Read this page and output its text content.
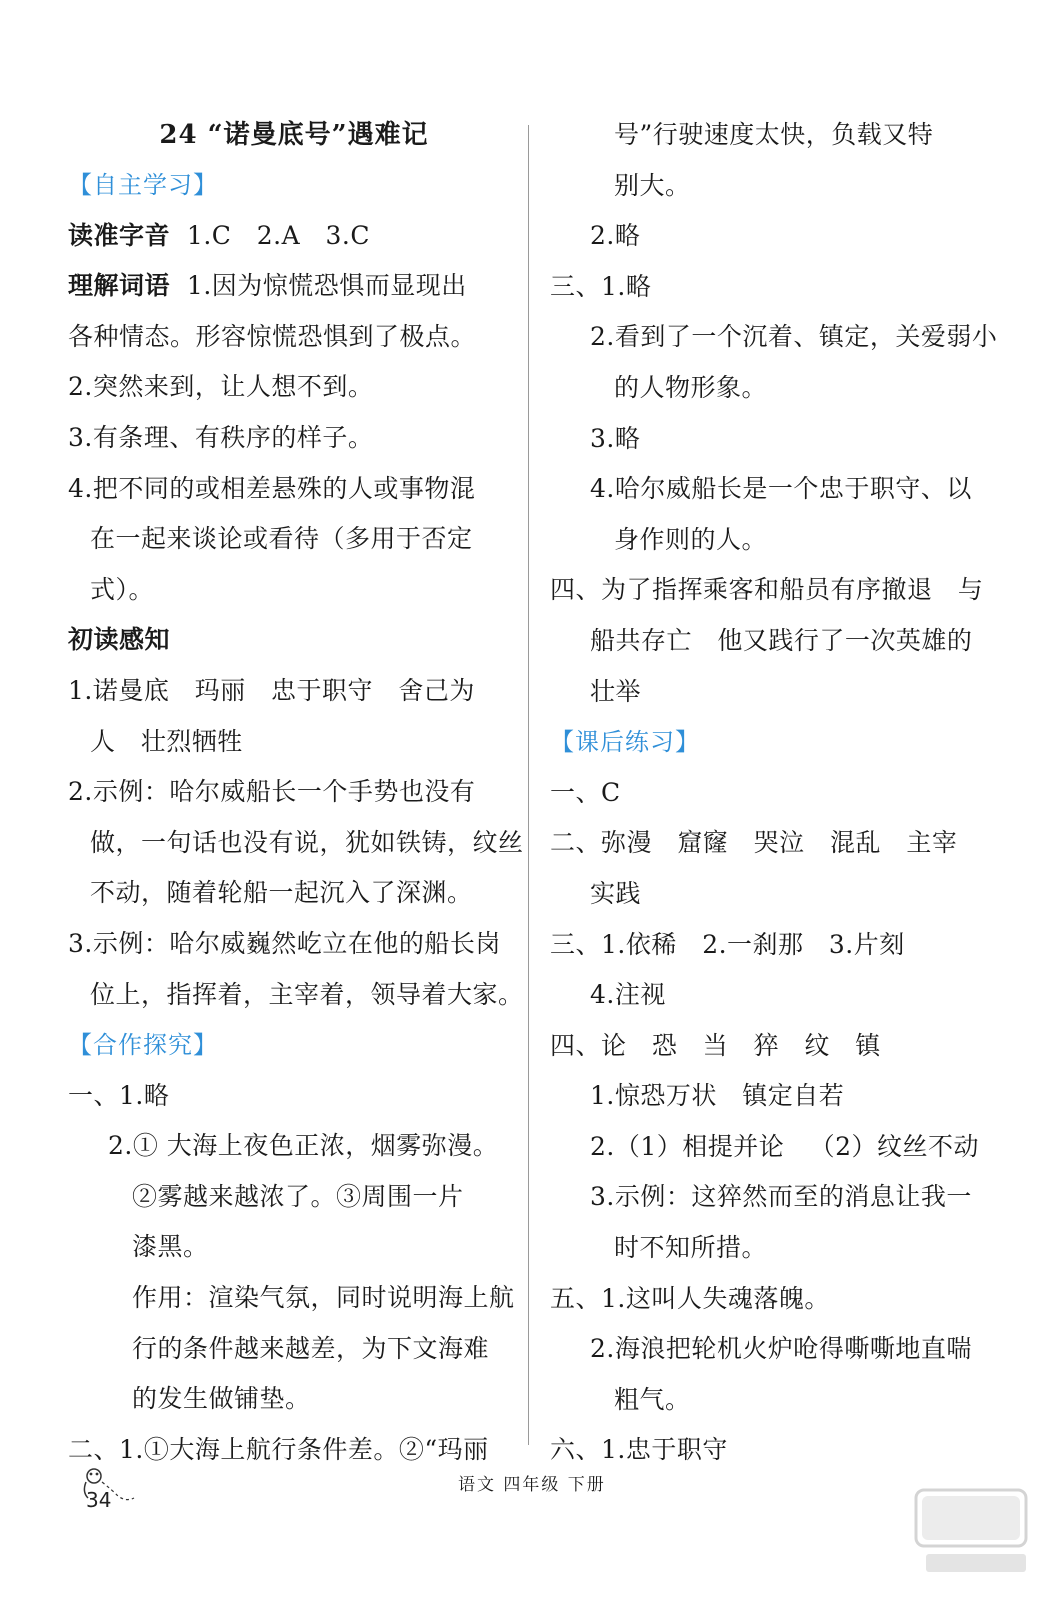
24 “诺曼底号”遇难记
【自主学习】
读准字音  1.C   2.A   3.C
理解词语  1.因为惊慌恐惧而显现出
各种情态。形容惊慌恐惧到了极点。
2.突然来到，让人想不到。
3.有条理、有秩序的样子。
4.把不同的或相差悬殊的人或事物混
在一起来谈论或看待（多用于否定
式）。
初读感知
1.诺曼底   玛丽   忠于职守   舍己为
人   壮烈牺牲
2.示例：哈尔威船长一个手势也没有
做，一句话也没有说，犹如铁铸，纹丝
不动，随着轮船一起沉入了深渊。
3.示例：哈尔威巍然屹立在他的船长岗
位上，指挥着，主宰着，领导着大家。
【合作探究】
一、1.略
2.① 大海上夜色正浓，烟雾弥漫。
②雾越来越浓了。③周围一片
漆黑。
作用：渲染气氛，同时说明海上航
行的条件越来越差，为下文海难
的发生做铺垫。
二、1.①大海上航行条件差。②“玛丽
号”行驶速度太快，负载又特
别大。
2.略
三、1.略
2.看到了一个沉着、镇定，关爱弱小
的人物形象。
3.略
4.哈尔威船长是一个忠于职守、以
身作则的人。
四、为了指挥乘客和船员有序撤退   与
船共存亡   他又践行了一次英雄的
壮举
【课后练习】
一、C
二、弥漫   窟窿   哭泣   混乱   主宰
实践
三、1.依稀   2.一刹那   3.片刻
4.注视
四、论   恐   当   猝   纹   镇
1.惊恐万状   镇定自若
2.（1）相提并论   （2）纹丝不动
3.示例：这猝然而至的消息让我一
时不知所措。
五、1.这叫人失魂落魄。
2.海浪把轮机火炉呛得嘶嘶地直喘
粗气。
六、1.忠于职守
34
语文 四年级 下册
